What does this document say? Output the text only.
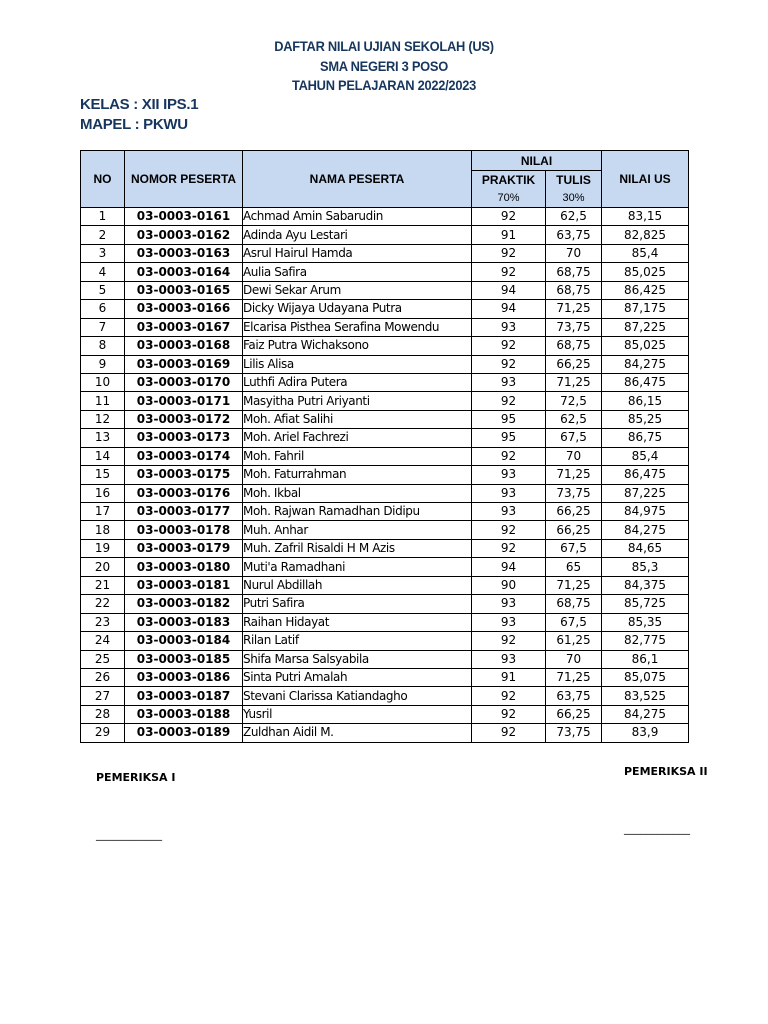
DAFTAR NILAI UJIAN SEKOLAH (US)
SMA NEGERI 3 POSO
TAHUN PELAJARAN 2022/2023
KELAS : XII IPS.1
MAPEL : PKWU
NO	NOMOR PESERTA	NAMA PESERTA	NILAI		NILAI US
			PRAKTIK	TULIS	
			70%	30%	
1	03-0003-0161	Achmad Amin Sabarudin	92	62,5	83,15
2	03-0003-0162	Adinda Ayu Lestari	91	63,75	82,825
3	03-0003-0163	Asrul Hairul Hamda	92	70	85,4
4	03-0003-0164	Aulia Safira	92	68,75	85,025
5	03-0003-0165	Dewi Sekar Arum	94	68,75	86,425
6	03-0003-0166	Dicky Wijaya Udayana Putra	94	71,25	87,175
7	03-0003-0167	Elcarisa Pisthea Serafina Mowendu	93	73,75	87,225
8	03-0003-0168	Faiz Putra Wichaksono	92	68,75	85,025
9	03-0003-0169	Lilis Alisa	92	66,25	84,275
10	03-0003-0170	Luthfi Adira Putera	93	71,25	86,475
11	03-0003-0171	Masyitha Putri Ariyanti	92	72,5	86,15
12	03-0003-0172	Moh. Afiat Salihi	95	62,5	85,25
13	03-0003-0173	Moh. Ariel Fachrezi	95	67,5	86,75
14	03-0003-0174	Moh. Fahril	92	70	85,4
15	03-0003-0175	Moh. Faturrahman	93	71,25	86,475
16	03-0003-0176	Moh. Ikbal	93	73,75	87,225
17	03-0003-0177	Moh. Rajwan Ramadhan Didipu	93	66,25	84,975
18	03-0003-0178	Muh. Anhar	92	66,25	84,275
19	03-0003-0179	Muh. Zafril Risaldi H M Azis	92	67,5	84,65
20	03-0003-0180	Muti'a Ramadhani	94	65	85,3
21	03-0003-0181	Nurul Abdillah	90	71,25	84,375
22	03-0003-0182	Putri Safira	93	68,75	85,725
23	03-0003-0183	Raihan Hidayat	93	67,5	85,35
24	03-0003-0184	Rilan Latif	92	61,25	82,775
25	03-0003-0185	Shifa Marsa Salsyabila	93	70	86,1
26	03-0003-0186	Sinta Putri Amalah	91	71,25	85,075
27	03-0003-0187	Stevani Clarissa Katiandagho	92	63,75	83,525
28	03-0003-0188	Yusril	92	66,25	84,275
29	03-0003-0189	Zuldhan Aidil M.	92	73,75	83,9
PEMERIKSA I	PEMERIKSA II
____________	____________
